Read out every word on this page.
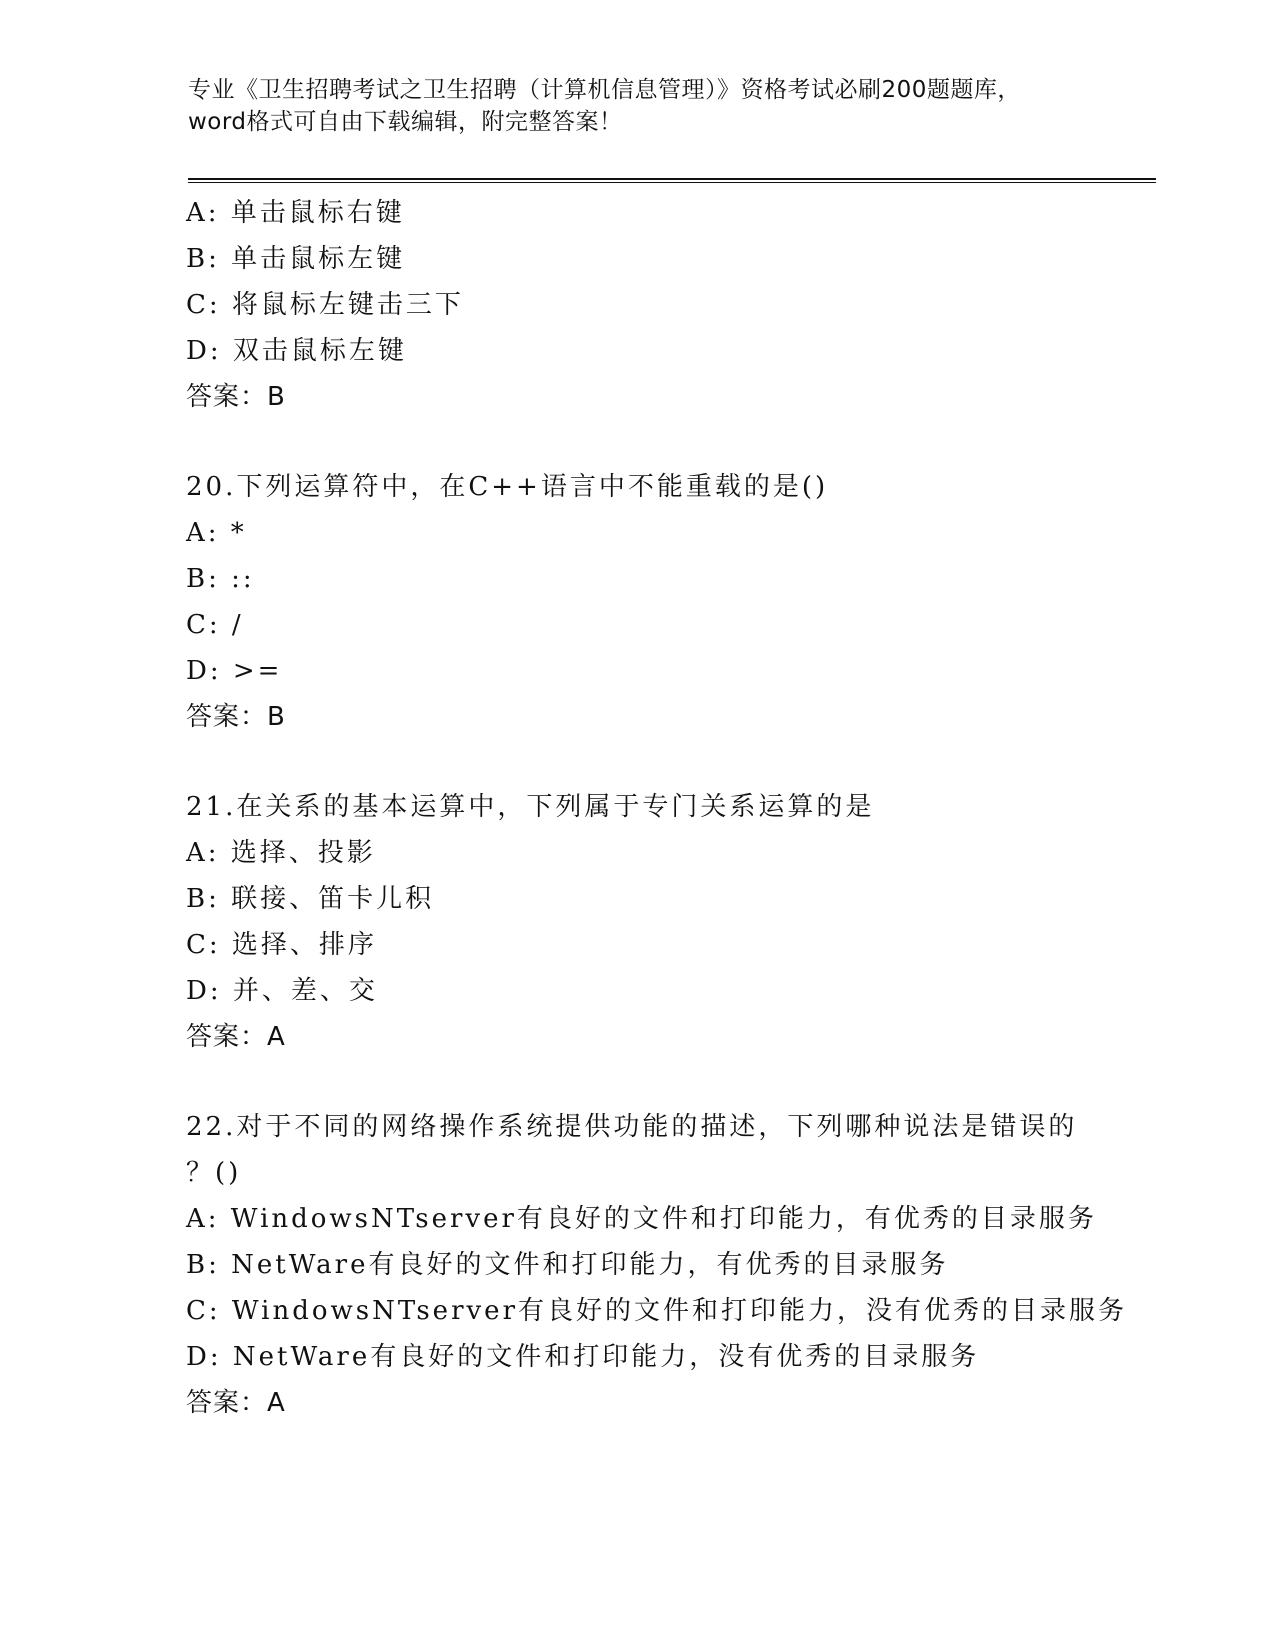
专业《卫生招聘考试之卫生招聘（计算机信息管理）》资格考试必刷200题题库，
word格式可自由下载编辑，附完整答案！
A: 单击鼠标右键
B: 单击鼠标左键
C: 将鼠标左键击三下
D: 双击鼠标左键
答案：B
20.下列运算符中，在C++语言中不能重载的是()
A: *
B: ::
C: /
D: >=
答案：B
21.在关系的基本运算中，下列属于专门关系运算的是
A: 选择、投影
B: 联接、笛卡儿积
C: 选择、排序
D: 并、差、交
答案：A
22.对于不同的网络操作系统提供功能的描述，下列哪种说法是错误的
？()
A: WindowsNTserver有良好的文件和打印能力，有优秀的目录服务
B: NetWare有良好的文件和打印能力，有优秀的目录服务
C: WindowsNTserver有良好的文件和打印能力，没有优秀的目录服务
D: NetWare有良好的文件和打印能力，没有优秀的目录服务
答案：A
